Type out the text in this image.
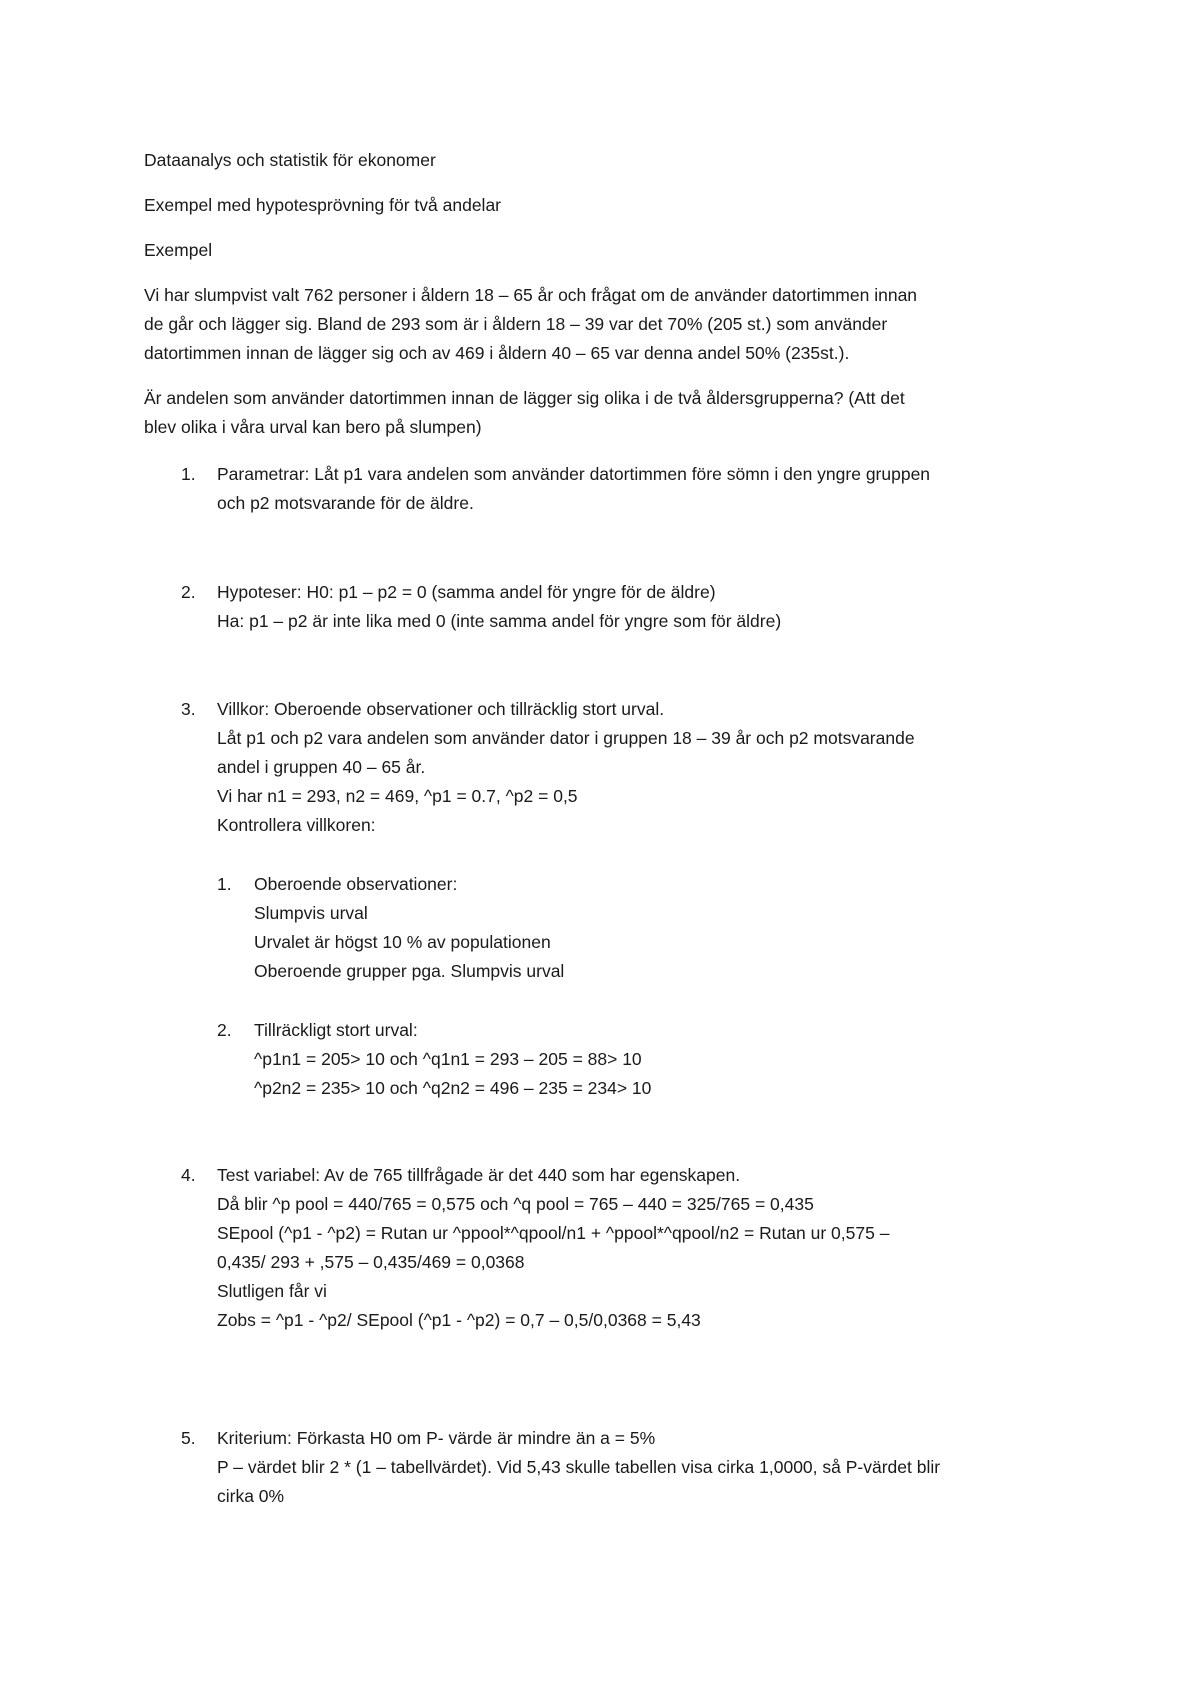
Dataanalys och statistik för ekonomer
Exempel med hypotesprövning för två andelar
Exempel
Vi har slumpvist valt 762 personer i åldern 18 – 65 år och frågat om de använder datortimmen innan
de går och lägger sig. Bland de 293 som är i åldern 18 – 39 var det 70% (205 st.) som använder
datortimmen innan de lägger sig och av 469 i åldern 40 – 65 var denna andel 50% (235st.).
Är andelen som använder datortimmen innan de lägger sig olika i de två åldersgrupperna? (Att det
blev olika i våra urval kan bero på slumpen)
1. Parametrar: Låt p1 vara andelen som använder datortimmen före sömn i den yngre gruppen
och p2 motsvarande för de äldre.
2. Hypoteser: H0: p1 – p2 = 0 (samma andel för yngre för de äldre)
Ha: p1 – p2 är inte lika med 0 (inte samma andel för yngre som för äldre)
3. Villkor: Oberoende observationer och tillräcklig stort urval.
Låt p1 och p2 vara andelen som använder dator i gruppen 18 – 39 år och p2 motsvarande
andel i gruppen 40 – 65 år.
Vi har n1 = 293, n2 = 469, ^p1 = 0.7, ^p2 = 0,5
Kontrollera villkoren:
1. Oberoende observationer:
Slumpvis urval
Urvalet är högst 10 % av populationen
Oberoende grupper pga. Slumpvis urval
2. Tillräckligt stort urval:
^p1n1 = 205> 10 och ^q1n1 = 293 – 205 = 88> 10
^p2n2 = 235> 10 och ^q2n2 = 496 – 235 = 234> 10
4. Test variabel: Av de 765 tillfrågade är det 440 som har egenskapen.
Då blir ^p pool = 440/765 = 0,575 och ^q pool = 765 – 440 = 325/765 = 0,435
SEpool (^p1 - ^p2) = Rutan ur ^ppool*^qpool/n1 + ^ppool*^qpool/n2 = Rutan ur 0,575 –
0,435/ 293 + ,575 – 0,435/469 = 0,0368
Slutligen får vi
Zobs = ^p1 - ^p2/ SEpool (^p1 - ^p2) = 0,7 – 0,5/0,0368 = 5,43
5. Kriterium: Förkasta H0 om P- värde är mindre än a = 5%
P – värdet blir 2 * (1 – tabellvärdet). Vid 5,43 skulle tabellen visa cirka 1,0000, så P-värdet blir
cirka 0%
